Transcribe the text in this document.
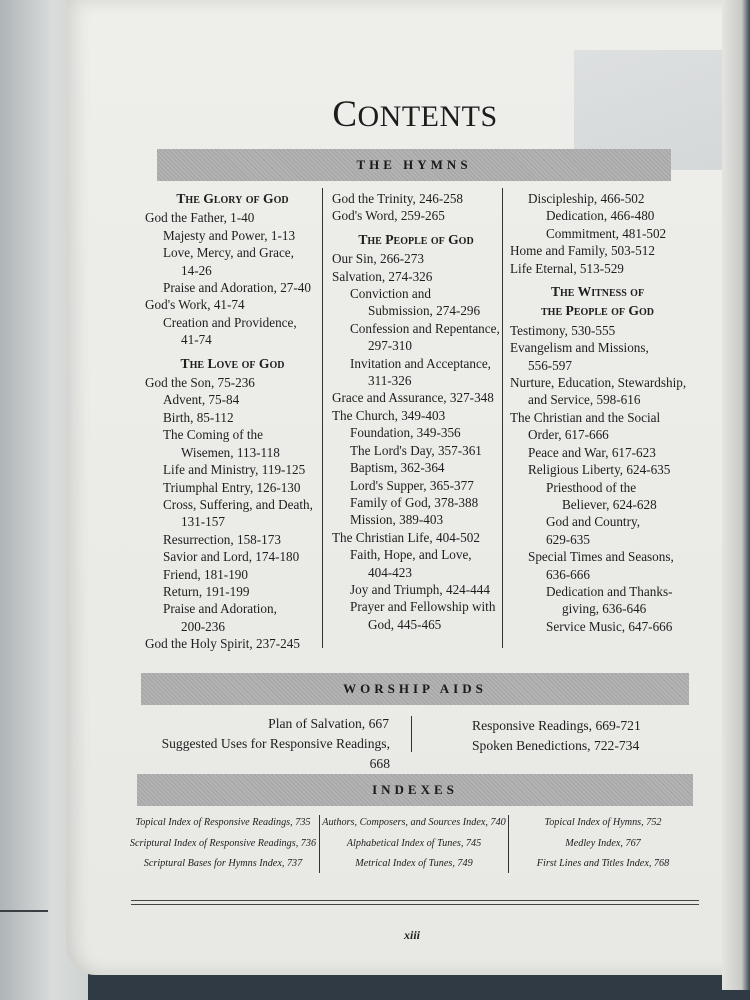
CONTENTS
THE HYMNS
The Glory of God
God the Father, 1-40
Majesty and Power, 1-13
Love, Mercy, and Grace,
14-26
Praise and Adoration, 27-40
God's Work, 41-74
Creation and Providence,
41-74
The Love of God
God the Son, 75-236
Advent, 75-84
Birth, 85-112
The Coming of the
Wisemen, 113-118
Life and Ministry, 119-125
Triumphal Entry, 126-130
Cross, Suffering, and Death,
131-157
Resurrection, 158-173
Savior and Lord, 174-180
Friend, 181-190
Return, 191-199
Praise and Adoration,
200-236
God the Holy Spirit, 237-245
God the Trinity, 246-258
God's Word, 259-265
The People of God
Our Sin, 266-273
Salvation, 274-326
Conviction and
Submission, 274-296
Confession and Repentance,
297-310
Invitation and Acceptance,
311-326
Grace and Assurance, 327-348
The Church, 349-403
Foundation, 349-356
The Lord's Day, 357-361
Baptism, 362-364
Lord's Supper, 365-377
Family of God, 378-388
Mission, 389-403
The Christian Life, 404-502
Faith, Hope, and Love,
404-423
Joy and Triumph, 424-444
Prayer and Fellowship with
God, 445-465
Discipleship, 466-502
Dedication, 466-480
Commitment, 481-502
Home and Family, 503-512
Life Eternal, 513-529
The Witness of
the People of God
Testimony, 530-555
Evangelism and Missions,
556-597
Nurture, Education, Stewardship,
and Service, 598-616
The Christian and the Social
Order, 617-666
Peace and War, 617-623
Religious Liberty, 624-635
Priesthood of the
Believer, 624-628
God and Country,
629-635
Special Times and Seasons,
636-666
Dedication and Thanks-
giving, 636-646
Service Music, 647-666
WORSHIP AIDS
Plan of Salvation, 667
Suggested Uses for Responsive Readings, 668
Responsive Readings, 669-721
Spoken Benedictions, 722-734
INDEXES
Topical Index of Responsive Readings, 735
Scriptural Index of Responsive Readings, 736
Scriptural Bases for Hymns Index, 737
Authors, Composers, and Sources Index, 740
Alphabetical Index of Tunes, 745
Metrical Index of Tunes, 749
Topical Index of Hymns, 752
Medley Index, 767
First Lines and Titles Index, 768
xiii
